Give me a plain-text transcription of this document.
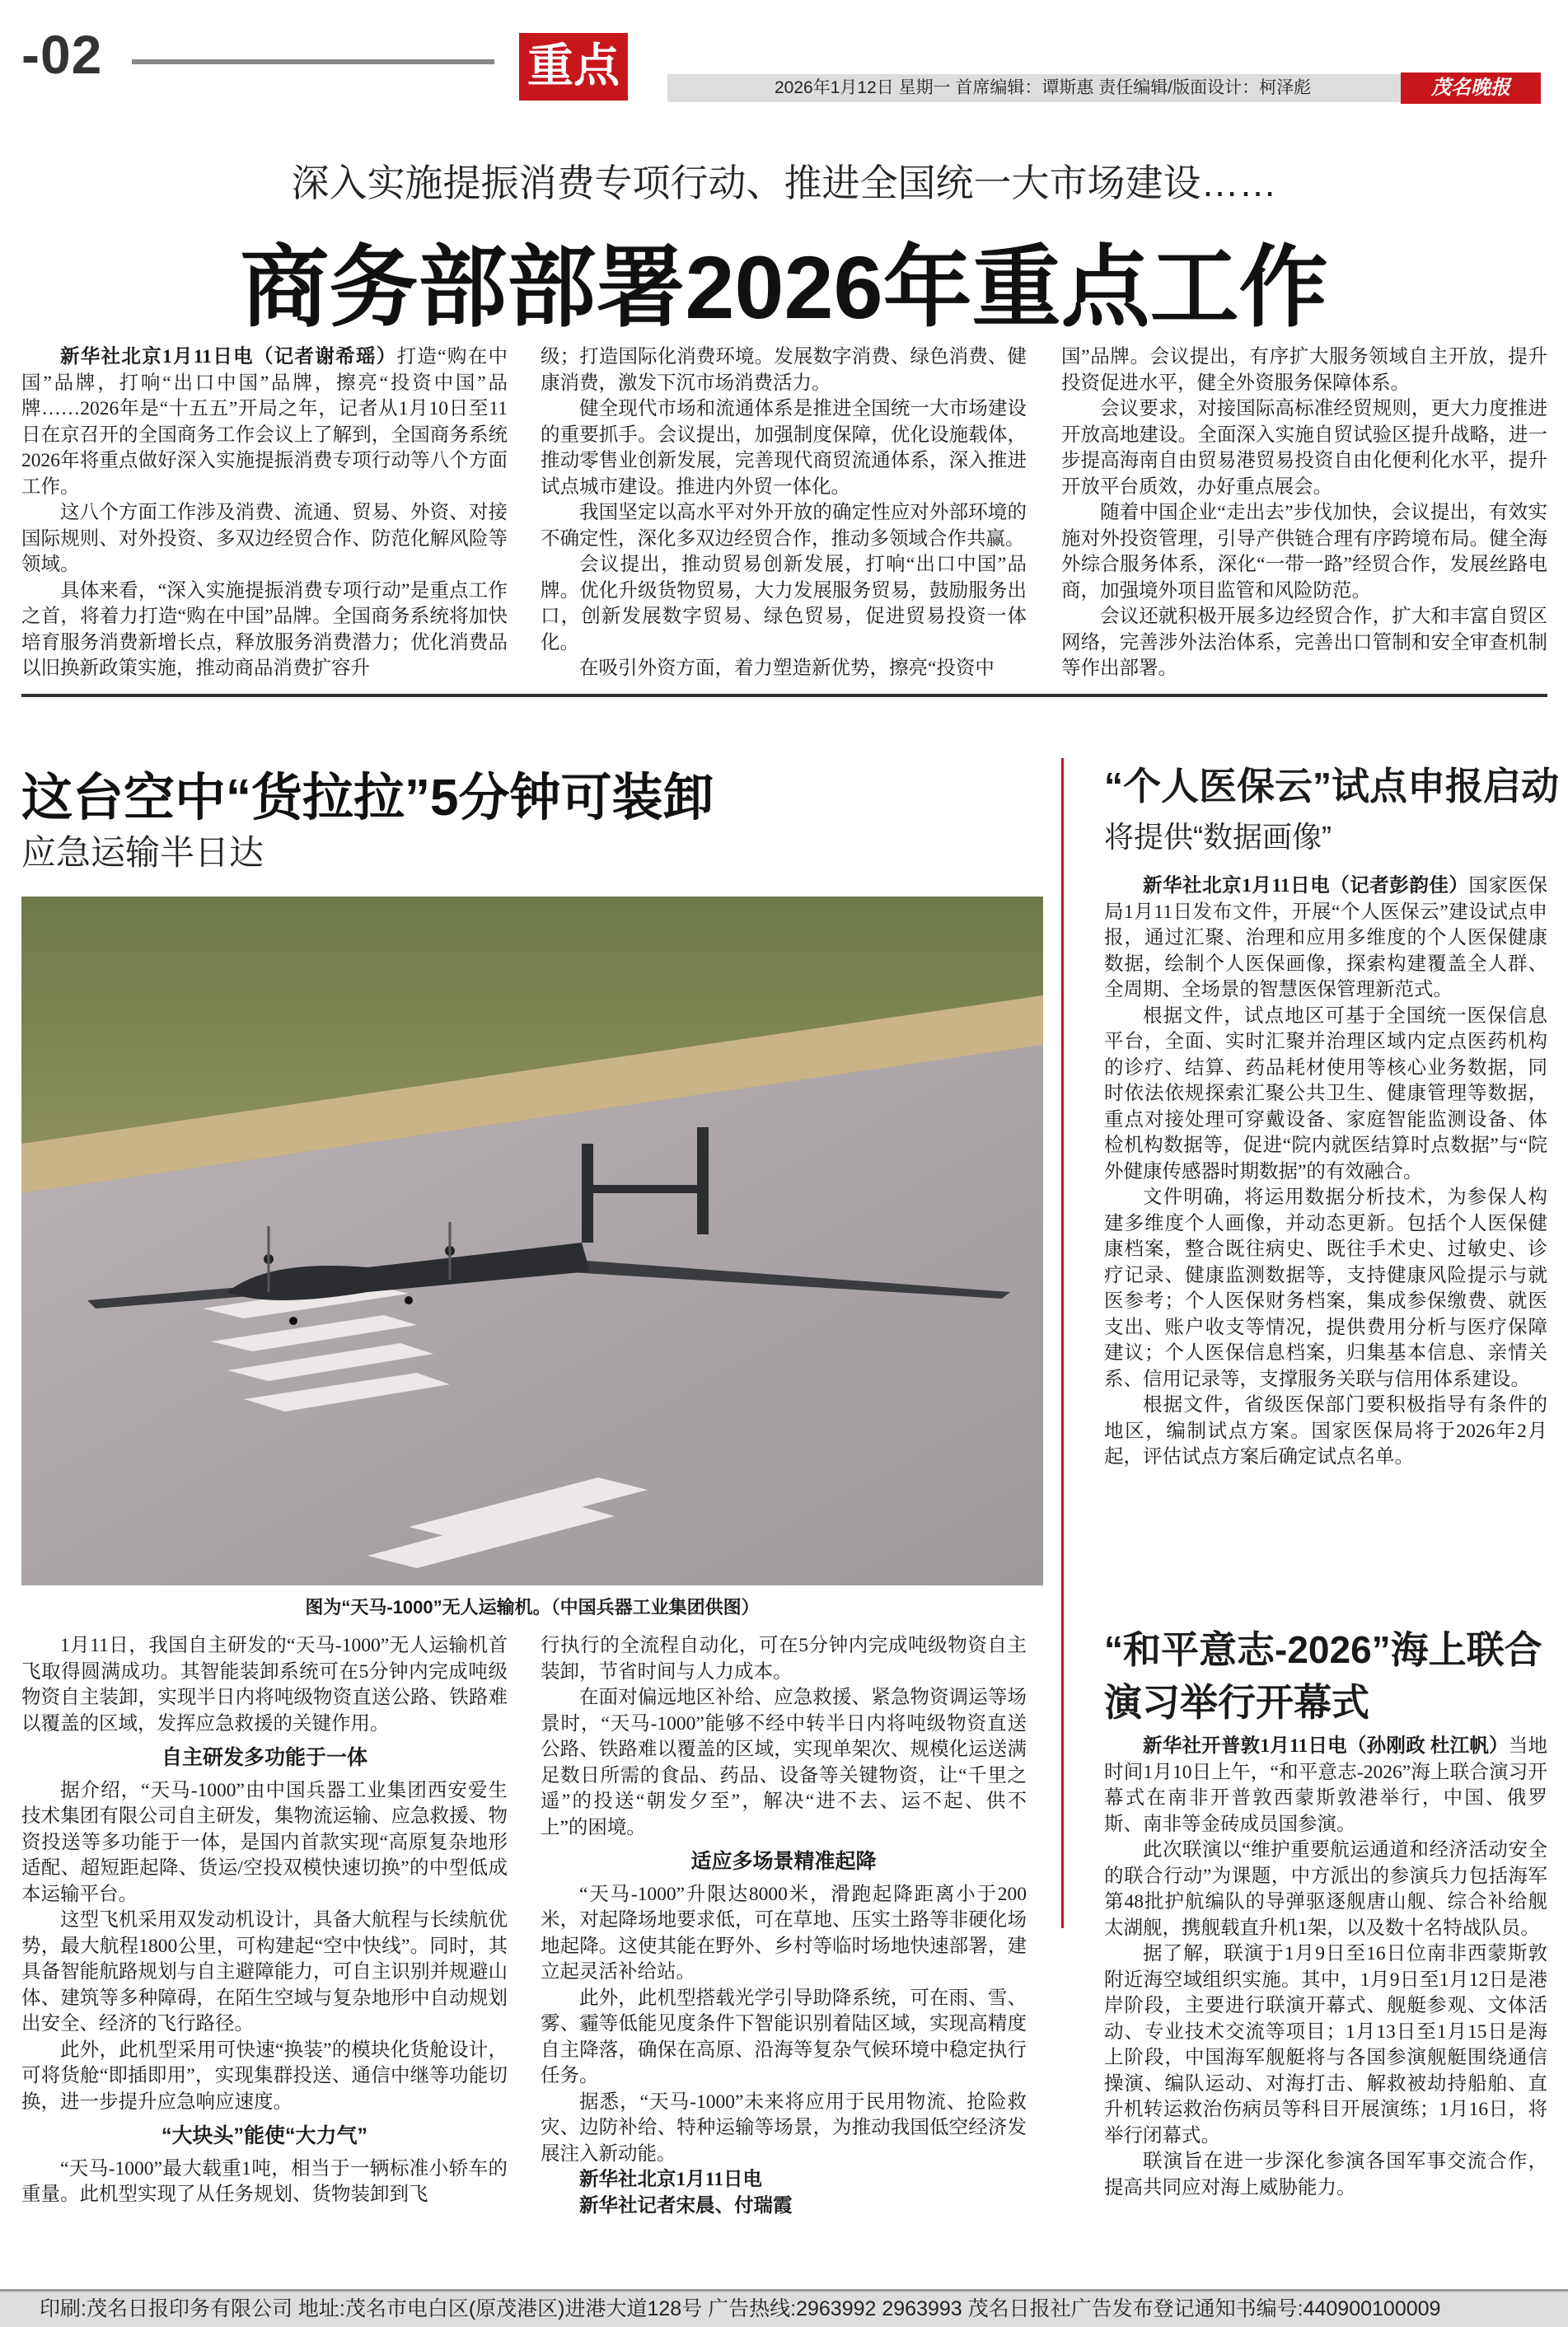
-02	重点	2026年1月12日 星期一 首席编辑：谭斯惠 责任编辑/版面设计：柯泽彪	茂名晚报
深入实施提振消费专项行动、推进全国统一大市场建设……
商务部部署2026年重点工作

新华社北京1月11日电（记者谢希瑶）打造“购在中国”品牌，打响“出口中国”品牌，擦亮“投资中国”品牌……2026年是“十五五”开局之年，记者从1月10日至11日在京召开的全国商务工作会议上了解到，全国商务系统2026年将重点做好深入实施提振消费专项行动等八个方面工作。

这八个方面工作涉及消费、流通、贸易、外资、对接国际规则、对外投资、多双边经贸合作、防范化解风险等领域。

具体来看，“深入实施提振消费专项行动”是重点工作之首，将着力打造“购在中国”品牌。全国商务系统将加快培育服务消费新增长点，释放服务消费潜力；优化消费品以旧换新政策实施，推动商品消费扩容升

级；打造国际化消费环境。发展数字消费、绿色消费、健康消费，激发下沉市场消费活力。

健全现代市场和流通体系是推进全国统一大市场建设的重要抓手。会议提出，加强制度保障，优化设施载体，推动零售业创新发展，完善现代商贸流通体系，深入推进试点城市建设。推进内外贸一体化。

我国坚定以高水平对外开放的确定性应对外部环境的不确定性，深化多双边经贸合作，推动多领域合作共赢。

会议提出，推动贸易创新发展，打响“出口中国”品牌。优化升级货物贸易，大力发展服务贸易，鼓励服务出口，创新发展数字贸易、绿色贸易，促进贸易投资一体化。

在吸引外资方面，着力塑造新优势，擦亮“投资中

国”品牌。会议提出，有序扩大服务领域自主开放，提升投资促进水平，健全外资服务保障体系。

会议要求，对接国际高标准经贸规则，更大力度推进开放高地建设。全面深入实施自贸试验区提升战略，进一步提高海南自由贸易港贸易投资自由化便利化水平，提升开放平台质效，办好重点展会。

随着中国企业“走出去”步伐加快，会议提出，有效实施对外投资管理，引导产供链合理有序跨境布局。健全海外综合服务体系，深化“一带一路”经贸合作，发展丝路电商，加强境外项目监管和风险防范。

会议还就积极开展多边经贸合作，扩大和丰富自贸区网络，完善涉外法治体系，完善出口管制和安全审查机制等作出部署。

这台空中“货拉拉”5分钟可装卸
应急运输半日达
图为“天马-1000”无人运输机。（中国兵器工业集团供图）

1月11日，我国自主研发的“天马-1000”无人运输机首飞取得圆满成功。其智能装卸系统可在5分钟内完成吨级物资自主装卸，实现半日内将吨级物资直送公路、铁路难以覆盖的区域，发挥应急救援的关键作用。

自主研发多功能于一体

据介绍，“天马-1000”由中国兵器工业集团西安爱生技术集团有限公司自主研发，集物流运输、应急救援、物资投送等多功能于一体，是国内首款实现“高原复杂地形适配、超短距起降、货运/空投双模快速切换”的中型低成本运输平台。

这型飞机采用双发动机设计，具备大航程与长续航优势，最大航程1800公里，可构建起“空中快线”。同时，其具备智能航路规划与自主避障能力，可自主识别并规避山体、建筑等多种障碍，在陌生空域与复杂地形中自动规划出安全、经济的飞行路径。

此外，此机型采用可快速“换装”的模块化货舱设计，可将货舱“即插即用”，实现集群投送、通信中继等功能切换，进一步提升应急响应速度。

“大块头”能使“大力气”

“天马-1000”最大载重1吨，相当于一辆标准小轿车的重量。此机型实现了从任务规划、货物装卸到飞

行执行的全流程自动化，可在5分钟内完成吨级物资自主装卸，节省时间与人力成本。

在面对偏远地区补给、应急救援、紧急物资调运等场景时，“天马-1000”能够不经中转半日内将吨级物资直送公路、铁路难以覆盖的区域，实现单架次、规模化运送满足数日所需的食品、药品、设备等关键物资，让“千里之遥”的投送“朝发夕至”，解决“进不去、运不起、供不上”的困境。

适应多场景精准起降

“天马-1000”升限达8000米，滑跑起降距离小于200米，对起降场地要求低，可在草地、压实土路等非硬化场地起降。这使其能在野外、乡村等临时场地快速部署，建立起灵活补给站。

此外，此机型搭载光学引导助降系统，可在雨、雪、雾、霾等低能见度条件下智能识别着陆区域，实现高精度自主降落，确保在高原、沿海等复杂气候环境中稳定执行任务。

据悉，“天马-1000”未来将应用于民用物流、抢险救灾、边防补给、特种运输等场景，为推动我国低空经济发展注入新动能。

新华社北京1月11日电

新华社记者宋晨、付瑞霞

“个人医保云”试点申报启动
将提供“数据画像”

新华社北京1月11日电（记者彭韵佳）国家医保局1月11日发布文件，开展“个人医保云”建设试点申报，通过汇聚、治理和应用多维度的个人医保健康数据，绘制个人医保画像，探索构建覆盖全人群、全周期、全场景的智慧医保管理新范式。

根据文件，试点地区可基于全国统一医保信息平台，全面、实时汇聚并治理区域内定点医药机构的诊疗、结算、药品耗材使用等核心业务数据，同时依法依规探索汇聚公共卫生、健康管理等数据，重点对接处理可穿戴设备、家庭智能监测设备、体检机构数据等，促进“院内就医结算时点数据”与“院外健康传感器时期数据”的有效融合。

文件明确，将运用数据分析技术，为参保人构建多维度个人画像，并动态更新。包括个人医保健康档案，整合既往病史、既往手术史、过敏史、诊疗记录、健康监测数据等，支持健康风险提示与就医参考；个人医保财务档案，集成参保缴费、就医支出、账户收支等情况，提供费用分析与医疗保障建议；个人医保信息档案，归集基本信息、亲情关系、信用记录等，支撑服务关联与信用体系建设。

根据文件，省级医保部门要积极指导有条件的地区，编制试点方案。国家医保局将于2026年2月起，评估试点方案后确定试点名单。

“和平意志-2026”海上联合演习举行开幕式

新华社开普敦1月11日电（孙刚政 杜江帆）当地时间1月10日上午，“和平意志-2026”海上联合演习开幕式在南非开普敦西蒙斯敦港举行，中国、俄罗斯、南非等金砖成员国参演。

此次联演以“维护重要航运通道和经济活动安全的联合行动”为课题，中方派出的参演兵力包括海军第48批护航编队的导弹驱逐舰唐山舰、综合补给舰太湖舰，携舰载直升机1架，以及数十名特战队员。

据了解，联演于1月9日至16日位南非西蒙斯敦附近海空域组织实施。其中，1月9日至1月12日是港岸阶段，主要进行联演开幕式、舰艇参观、文体活动、专业技术交流等项目；1月13日至1月15日是海上阶段，中国海军舰艇将与各国参演舰艇围绕通信操演、编队运动、对海打击、解救被劫持船舶、直升机转运救治伤病员等科目开展演练；1月16日，将举行闭幕式。

联演旨在进一步深化参演各国军事交流合作，提高共同应对海上威胁能力。

印刷:茂名日报印务有限公司 地址:茂名市电白区(原茂港区)进港大道128号 广告热线:2963992 2963993 茂名日报社广告发布登记通知书编号:440900100009
